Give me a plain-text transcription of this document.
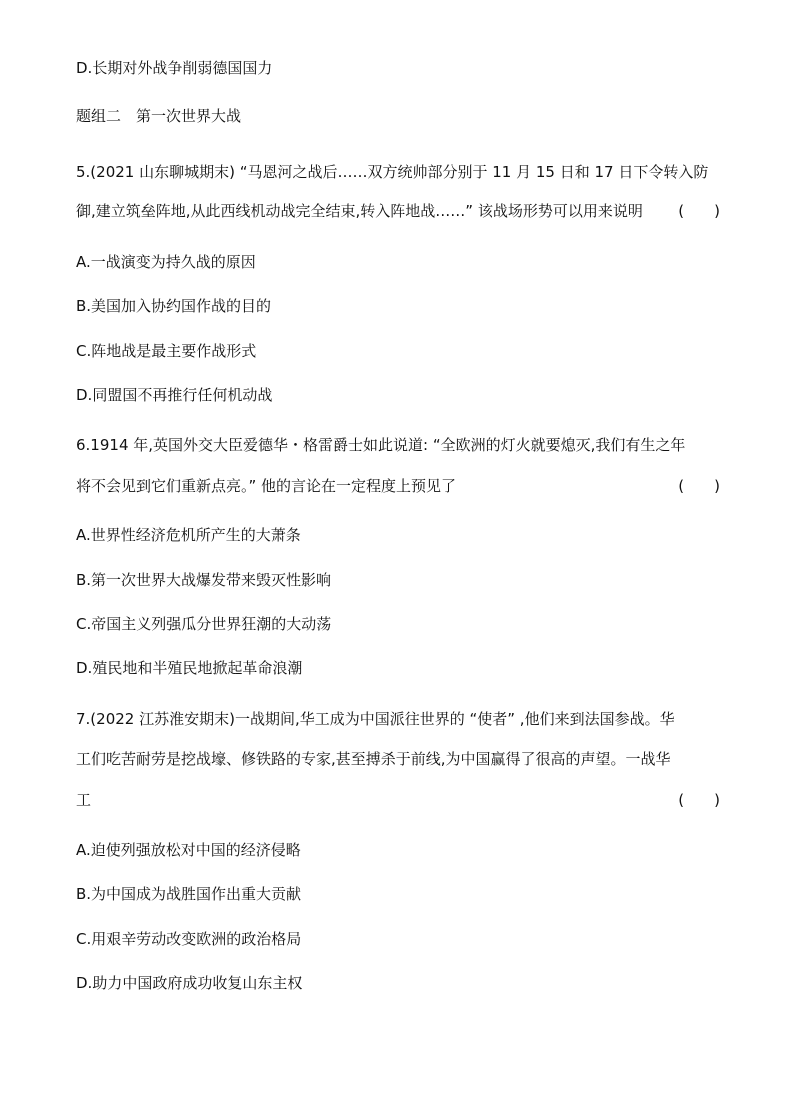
D.长期对外战争削弱德国国力
题组二　第一次世界大战
5.(2021 山东聊城期末) “马恩河之战后……双方统帅部分别于 11 月 15 日和 17 日下令转入防
御,建立筑垒阵地,从此西线机动战完全结束,转入阵地战……” 该战场形势可以用来说明 (　　)
A.一战演变为持久战的原因
B.美国加入协约国作战的目的
C.阵地战是最主要作战形式
D.同盟国不再推行任何机动战
6.1914 年,英国外交大臣爱德华・格雷爵士如此说道: “全欧洲的灯火就要熄灭,我们有生之年
将不会见到它们重新点亮。” 他的言论在一定程度上预见了	(　　)
A.世界性经济危机所产生的大萧条
B.第一次世界大战爆发带来毁灭性影响
C.帝国主义列强瓜分世界狂潮的大动荡
D.殖民地和半殖民地掀起革命浪潮
7.(2022 江苏淮安期末)一战期间,华工成为中国派往世界的 “使者” ,他们来到法国参战。华
工们吃苦耐劳是挖战壕、修铁路的专家,甚至搏杀于前线,为中国赢得了很高的声望。一战华
工	(　　)
A.迫使列强放松对中国的经济侵略
B.为中国成为战胜国作出重大贡献
C.用艰辛劳动改变欧洲的政治格局
D.助力中国政府成功收复山东主权
